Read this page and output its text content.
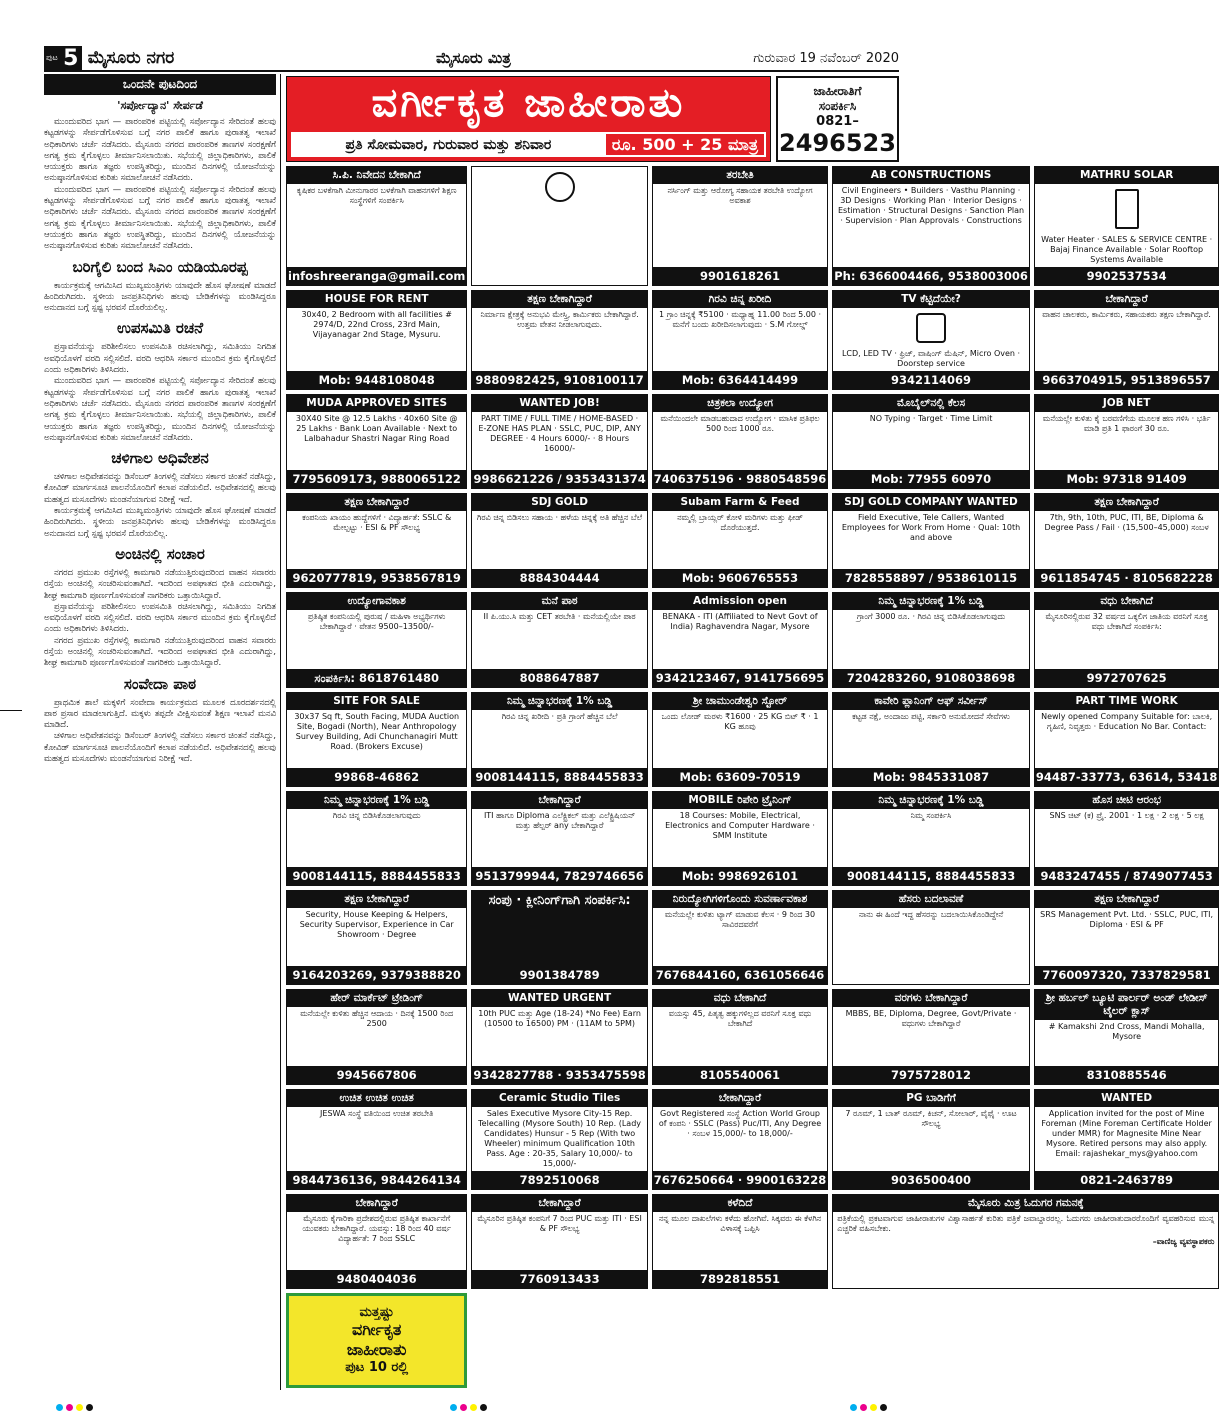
ಪುಟ 5 ಮೈಸೂರು ನಗರ	ಮೈಸೂರು ಮಿತ್ರ	ಗುರುವಾರ 19 ನವೆಂಬರ್ 2020
ಒಂದನೇ ಪುಟದಿಂದ
'ಸರ್ಪೋದ್ಯಾನ' ಸೇರ್ಪಡೆ

ಮುಂದುವರಿದ ಭಾಗ — ಪಾರಂಪರಿಕ ಪಟ್ಟಿಯಲ್ಲಿ ಸರ್ಪೋದ್ಯಾನ ಸೇರಿದಂತೆ ಹಲವು ಕಟ್ಟಡಗಳನ್ನು ಸೇರ್ಪಡೆಗೊಳಿಸುವ ಬಗ್ಗೆ ನಗರ ಪಾಲಿಕೆ ಹಾಗೂ ಪುರಾತತ್ವ ಇಲಾಖೆ ಅಧಿಕಾರಿಗಳು ಚರ್ಚೆ ನಡೆಸಿದರು. ಮೈಸೂರು ನಗರದ ಪಾರಂಪರಿಕ ತಾಣಗಳ ಸಂರಕ್ಷಣೆಗೆ ಅಗತ್ಯ ಕ್ರಮ ಕೈಗೊಳ್ಳಲು ತೀರ್ಮಾನಿಸಲಾಯಿತು. ಸಭೆಯಲ್ಲಿ ಜಿಲ್ಲಾಧಿಕಾರಿಗಳು, ಪಾಲಿಕೆ ಆಯುಕ್ತರು ಹಾಗೂ ತಜ್ಞರು ಉಪಸ್ಥಿತರಿದ್ದು, ಮುಂದಿನ ದಿನಗಳಲ್ಲಿ ಯೋಜನೆಯನ್ನು ಅನುಷ್ಠಾನಗೊಳಿಸುವ ಕುರಿತು ಸಮಾಲೋಚನೆ ನಡೆಸಿದರು.

ಮುಂದುವರಿದ ಭಾಗ — ಪಾರಂಪರಿಕ ಪಟ್ಟಿಯಲ್ಲಿ ಸರ್ಪೋದ್ಯಾನ ಸೇರಿದಂತೆ ಹಲವು ಕಟ್ಟಡಗಳನ್ನು ಸೇರ್ಪಡೆಗೊಳಿಸುವ ಬಗ್ಗೆ ನಗರ ಪಾಲಿಕೆ ಹಾಗೂ ಪುರಾತತ್ವ ಇಲಾಖೆ ಅಧಿಕಾರಿಗಳು ಚರ್ಚೆ ನಡೆಸಿದರು. ಮೈಸೂರು ನಗರದ ಪಾರಂಪರಿಕ ತಾಣಗಳ ಸಂರಕ್ಷಣೆಗೆ ಅಗತ್ಯ ಕ್ರಮ ಕೈಗೊಳ್ಳಲು ತೀರ್ಮಾನಿಸಲಾಯಿತು. ಸಭೆಯಲ್ಲಿ ಜಿಲ್ಲಾಧಿಕಾರಿಗಳು, ಪಾಲಿಕೆ ಆಯುಕ್ತರು ಹಾಗೂ ತಜ್ಞರು ಉಪಸ್ಥಿತರಿದ್ದು, ಮುಂದಿನ ದಿನಗಳಲ್ಲಿ ಯೋಜನೆಯನ್ನು ಅನುಷ್ಠಾನಗೊಳಿಸುವ ಕುರಿತು ಸಮಾಲೋಚನೆ ನಡೆಸಿದರು.

ಬರಿಗೈಲಿ ಬಂದ ಸಿಎಂ ಯಡಿಯೂರಪ್ಪ

ಕಾರ್ಯಕ್ರಮಕ್ಕೆ ಆಗಮಿಸಿದ ಮುಖ್ಯಮಂತ್ರಿಗಳು ಯಾವುದೇ ಹೊಸ ಘೋಷಣೆ ಮಾಡದೆ ಹಿಂದಿರುಗಿದರು. ಸ್ಥಳೀಯ ಜನಪ್ರತಿನಿಧಿಗಳು ಹಲವು ಬೇಡಿಕೆಗಳನ್ನು ಮಂಡಿಸಿದ್ದರೂ ಅನುದಾನದ ಬಗ್ಗೆ ಸ್ಪಷ್ಟ ಭರವಸೆ ದೊರೆಯಲಿಲ್ಲ.

ಉಪಸಮಿತಿ ರಚನೆ

ಪ್ರಸ್ತಾವನೆಯನ್ನು ಪರಿಶೀಲಿಸಲು ಉಪಸಮಿತಿ ರಚಿಸಲಾಗಿದ್ದು, ಸಮಿತಿಯು ನಿಗದಿತ ಅವಧಿಯೊಳಗೆ ವರದಿ ಸಲ್ಲಿಸಲಿದೆ. ವರದಿ ಆಧರಿಸಿ ಸರ್ಕಾರ ಮುಂದಿನ ಕ್ರಮ ಕೈಗೊಳ್ಳಲಿದೆ ಎಂದು ಅಧಿಕಾರಿಗಳು ತಿಳಿಸಿದರು.

ಮುಂದುವರಿದ ಭಾಗ — ಪಾರಂಪರಿಕ ಪಟ್ಟಿಯಲ್ಲಿ ಸರ್ಪೋದ್ಯಾನ ಸೇರಿದಂತೆ ಹಲವು ಕಟ್ಟಡಗಳನ್ನು ಸೇರ್ಪಡೆಗೊಳಿಸುವ ಬಗ್ಗೆ ನಗರ ಪಾಲಿಕೆ ಹಾಗೂ ಪುರಾತತ್ವ ಇಲಾಖೆ ಅಧಿಕಾರಿಗಳು ಚರ್ಚೆ ನಡೆಸಿದರು. ಮೈಸೂರು ನಗರದ ಪಾರಂಪರಿಕ ತಾಣಗಳ ಸಂರಕ್ಷಣೆಗೆ ಅಗತ್ಯ ಕ್ರಮ ಕೈಗೊಳ್ಳಲು ತೀರ್ಮಾನಿಸಲಾಯಿತು. ಸಭೆಯಲ್ಲಿ ಜಿಲ್ಲಾಧಿಕಾರಿಗಳು, ಪಾಲಿಕೆ ಆಯುಕ್ತರು ಹಾಗೂ ತಜ್ಞರು ಉಪಸ್ಥಿತರಿದ್ದು, ಮುಂದಿನ ದಿನಗಳಲ್ಲಿ ಯೋಜನೆಯನ್ನು ಅನುಷ್ಠಾನಗೊಳಿಸುವ ಕುರಿತು ಸಮಾಲೋಚನೆ ನಡೆಸಿದರು.

ಚಳಿಗಾಲ ಅಧಿವೇಶನ

ಚಳಿಗಾಲ ಅಧಿವೇಶನವನ್ನು ಡಿಸೆಂಬರ್ ತಿಂಗಳಲ್ಲಿ ನಡೆಸಲು ಸರ್ಕಾರ ಚಿಂತನೆ ನಡೆಸಿದ್ದು, ಕೋವಿಡ್ ಮಾರ್ಗಸೂಚಿ ಪಾಲನೆಯೊಂದಿಗೆ ಕಲಾಪ ನಡೆಯಲಿದೆ. ಅಧಿವೇಶನದಲ್ಲಿ ಹಲವು ಮಹತ್ವದ ಮಸೂದೆಗಳು ಮಂಡನೆಯಾಗುವ ನಿರೀಕ್ಷೆ ಇದೆ.

ಕಾರ್ಯಕ್ರಮಕ್ಕೆ ಆಗಮಿಸಿದ ಮುಖ್ಯಮಂತ್ರಿಗಳು ಯಾವುದೇ ಹೊಸ ಘೋಷಣೆ ಮಾಡದೆ ಹಿಂದಿರುಗಿದರು. ಸ್ಥಳೀಯ ಜನಪ್ರತಿನಿಧಿಗಳು ಹಲವು ಬೇಡಿಕೆಗಳನ್ನು ಮಂಡಿಸಿದ್ದರೂ ಅನುದಾನದ ಬಗ್ಗೆ ಸ್ಪಷ್ಟ ಭರವಸೆ ದೊರೆಯಲಿಲ್ಲ.

ಅಂಚಿನಲ್ಲಿ ಸಂಚಾರ

ನಗರದ ಪ್ರಮುಖ ರಸ್ತೆಗಳಲ್ಲಿ ಕಾಮಗಾರಿ ನಡೆಯುತ್ತಿರುವುದರಿಂದ ವಾಹನ ಸವಾರರು ರಸ್ತೆಯ ಅಂಚಿನಲ್ಲಿ ಸಂಚರಿಸುವಂತಾಗಿದೆ. ಇದರಿಂದ ಅಪಘಾತದ ಭೀತಿ ಎದುರಾಗಿದ್ದು, ಶೀಘ್ರ ಕಾಮಗಾರಿ ಪೂರ್ಣಗೊಳಿಸುವಂತೆ ನಾಗರಿಕರು ಒತ್ತಾಯಿಸಿದ್ದಾರೆ.

ಪ್ರಸ್ತಾವನೆಯನ್ನು ಪರಿಶೀಲಿಸಲು ಉಪಸಮಿತಿ ರಚಿಸಲಾಗಿದ್ದು, ಸಮಿತಿಯು ನಿಗದಿತ ಅವಧಿಯೊಳಗೆ ವರದಿ ಸಲ್ಲಿಸಲಿದೆ. ವರದಿ ಆಧರಿಸಿ ಸರ್ಕಾರ ಮುಂದಿನ ಕ್ರಮ ಕೈಗೊಳ್ಳಲಿದೆ ಎಂದು ಅಧಿಕಾರಿಗಳು ತಿಳಿಸಿದರು.

ನಗರದ ಪ್ರಮುಖ ರಸ್ತೆಗಳಲ್ಲಿ ಕಾಮಗಾರಿ ನಡೆಯುತ್ತಿರುವುದರಿಂದ ವಾಹನ ಸವಾರರು ರಸ್ತೆಯ ಅಂಚಿನಲ್ಲಿ ಸಂಚರಿಸುವಂತಾಗಿದೆ. ಇದರಿಂದ ಅಪಘಾತದ ಭೀತಿ ಎದುರಾಗಿದ್ದು, ಶೀಘ್ರ ಕಾಮಗಾರಿ ಪೂರ್ಣಗೊಳಿಸುವಂತೆ ನಾಗರಿಕರು ಒತ್ತಾಯಿಸಿದ್ದಾರೆ.

ಸಂವೇದಾ ಪಾಠ

ಪ್ರಾಥಮಿಕ ಶಾಲೆ ಮಕ್ಕಳಿಗೆ ಸಂವೇದಾ ಕಾರ್ಯಕ್ರಮದ ಮೂಲಕ ದೂರದರ್ಶನದಲ್ಲಿ ಪಾಠ ಪ್ರಸಾರ ಮಾಡಲಾಗುತ್ತಿದೆ. ಮಕ್ಕಳು ತಪ್ಪದೇ ವೀಕ್ಷಿಸುವಂತೆ ಶಿಕ್ಷಣ ಇಲಾಖೆ ಮನವಿ ಮಾಡಿದೆ.

ಚಳಿಗಾಲ ಅಧಿವೇಶನವನ್ನು ಡಿಸೆಂಬರ್ ತಿಂಗಳಲ್ಲಿ ನಡೆಸಲು ಸರ್ಕಾರ ಚಿಂತನೆ ನಡೆಸಿದ್ದು, ಕೋವಿಡ್ ಮಾರ್ಗಸೂಚಿ ಪಾಲನೆಯೊಂದಿಗೆ ಕಲಾಪ ನಡೆಯಲಿದೆ. ಅಧಿವೇಶನದಲ್ಲಿ ಹಲವು ಮಹತ್ವದ ಮಸೂದೆಗಳು ಮಂಡನೆಯಾಗುವ ನಿರೀಕ್ಷೆ ಇದೆ.

ವರ್ಗೀಕೃತ ಜಾಹೀರಾತು
ಪ್ರತಿ ಸೋಮವಾರ, ಗುರುವಾರ ಮತ್ತು ಶನಿವಾರ	ರೂ. 500 + 25 ಮಾತ್ರ
ಜಾಹೀರಾತಿಗೆ
ಸಂಪರ್ಕಿಸಿ
0821–
2496523
ಸಿ.ಪಿ. ನಿವೇದನ ಬೇಕಾಗಿದೆ
ಕೃಷಿಕರ ಬಳಕೆಗಾಗಿ ಮೀನುಗಾರರ ಬಳಕೆಗಾಗಿ ವಾಹನಗಳಿಗೆ ಶಿಕ್ಷಣ ಸಂಸ್ಥೆಗಳಿಗೆ ಸಂಪರ್ಕಿಸಿ
infoshreeranga@gmail.com
ತರಬೇತಿ
ನರ್ಸಿಂಗ್ ಮತ್ತು ಆರೋಗ್ಯ ಸಹಾಯಕ ತರಬೇತಿ ಉದ್ಯೋಗ ಅವಕಾಶ
9901618261
AB CONSTRUCTIONS
Civil Engineers • Builders · Vasthu Planning · 3D Designs · Working Plan · Interior Designs · Estimation · Structural Designs · Sanction Plan · Supervision · Plan Approvals · Constructions
Ph: 6366004466, 9538003006
MATHRU SOLAR
Water Heater · SALES & SERVICE CENTRE · Bajaj Finance Available · Solar Rooftop Systems Available
9902537534
HOUSE FOR RENT
30x40, 2 Bedroom with all facilities # 2974/D, 22nd Cross, 23rd Main, Vijayanagar 2nd Stage, Mysuru.
Mob: 9448108048
ತಕ್ಷಣ ಬೇಕಾಗಿದ್ದಾರೆ
ನಿರ್ಮಾಣ ಕ್ಷೇತ್ರಕ್ಕೆ ಅನುಭವಿ ಮೇಸ್ತ್ರಿ, ಕಾರ್ಮಿಕರು ಬೇಕಾಗಿದ್ದಾರೆ. ಉತ್ತಮ ವೇತನ ನೀಡಲಾಗುವುದು.
9880982425, 9108100117
ಗಿರವಿ ಚಿನ್ನ ಖರೀದಿ
1 ಗ್ರಾಂ ಚಿನ್ನಕ್ಕೆ ₹5100 · ಮಧ್ಯಾಹ್ನ 11.00 ರಿಂದ 5.00 · ಮನೆಗೆ ಬಂದು ಖರೀದಿಸಲಾಗುವುದು · S.M ಗೋಲ್ಡ್
Mob: 6364414499
TV ಕೆಟ್ಟಿದೆಯೇ?
LCD, LED TV · ಫ್ರಿಜ್, ವಾಷಿಂಗ್ ಮೆಷಿನ್, Micro Oven · Doorstep service
9342114069
ಬೇಕಾಗಿದ್ದಾರೆ
ವಾಹನ ಚಾಲಕರು, ಕಾರ್ಮಿಕರು, ಸಹಾಯಕರು ತಕ್ಷಣ ಬೇಕಾಗಿದ್ದಾರೆ.
9663704915, 9513896557
MUDA APPROVED SITES
30X40 Site @ 12.5 Lakhs · 40x60 Site @ 25 Lakhs · Bank Loan Available · Next to Lalbahadur Shastri Nagar Ring Road
7795609173, 9880065122
WANTED JOB!
PART TIME / FULL TIME / HOME-BASED · E-ZONE HAS PLAN · SSLC, PUC, DIP, ANY DEGREE · 4 Hours 6000/- · 8 Hours 16000/-
9986621226 / 9353431374
ಚಿತ್ರಕಲಾ ಉದ್ಯೋಗ
ಮನೆಯಿಂದಲೇ ಮಾಡಬಹುದಾದ ಉದ್ಯೋಗ · ಮಾಸಿಕ ಪ್ರತಿಫಲ 500 ರಿಂದ 1000 ರೂ.
7406375196 · 9880548596
ಮೊಬೈಲ್‌ನಲ್ಲಿ ಕೆಲಸ
NO Typing · Target · Time Limit
Mob: 77955 60970
JOB NET
ಮನೆಯಲ್ಲೇ ಕುಳಿತು ಕೈ ಬರವಣಿಗೆಯ ಮೂಲಕ ಹಣ ಗಳಿಸಿ · ಭರ್ತಿ ಮಾಡಿ ಪ್ರತಿ 1 ಫಾರಂಗೆ 30 ರೂ.
Mob: 97318 91409
ತಕ್ಷಣ ಬೇಕಾಗಿದ್ದಾರೆ
ಕಂಪನಿಯ ಖಾಯಂ ಹುದ್ದೆಗಳಿಗೆ · ವಿದ್ಯಾರ್ಹತೆ: SSLC & ಮೇಲ್ಪಟ್ಟು · ESI & PF ಸೌಲಭ್ಯ
9620777819, 9538567819
SDJ GOLD
ಗಿರವಿ ಚಿನ್ನ ಬಿಡಿಸಲು ಸಹಾಯ · ಹಳೆಯ ಚಿನ್ನಕ್ಕೆ ಅತಿ ಹೆಚ್ಚಿನ ಬೆಲೆ
8884304444
Subam Farm & Feed
ನಮ್ಮಲ್ಲಿ ಬ್ರಾಯ್ಲರ್ ಕೋಳಿ ಮರಿಗಳು ಮತ್ತು ಫೀಡ್ ದೊರೆಯುತ್ತದೆ.
Mob: 9606765553
SDJ GOLD COMPANY WANTED
Field Executive, Tele Callers, Wanted Employees for Work From Home · Qual: 10th and above
7828558897 / 9538610115
ತಕ್ಷಣ ಬೇಕಾಗಿದ್ದಾರೆ
7th, 9th, 10th, PUC, ITI, BE, Diploma & Degree Pass / Fail · (15,500–45,000) ಸಂಬಳ
9611854745 · 8105682228
ಉದ್ಯೋಗಾವಕಾಶ
ಪ್ರತಿಷ್ಠಿತ ಕಂಪನಿಯಲ್ಲಿ ಪುರುಷ / ಮಹಿಳಾ ಅಭ್ಯರ್ಥಿಗಳು ಬೇಕಾಗಿದ್ದಾರೆ · ವೇತನ 9500–13500/-
ಸಂಪರ್ಕಿಸಿ: 8618761480
ಮನೆ ಪಾಠ
II ಪಿ.ಯು.ಸಿ ಮತ್ತು CET ತರಬೇತಿ · ಮನೆಯಲ್ಲಿಯೇ ಪಾಠ
8088647887
Admission open
BENAKA - ITI (Affiliated to Nevt Govt of India) Raghavendra Nagar, Mysore
9342123467, 9141756695
ನಿಮ್ಮ ಚಿನ್ನಾಭರಣಕ್ಕೆ 1% ಬಡ್ಡಿ
ಗ್ರಾಂಗೆ 3000 ರೂ. · ಗಿರವಿ ಚಿನ್ನ ಬಿಡಿಸಿಕೊಡಲಾಗುವುದು
7204283260, 9108038698
ವಧು ಬೇಕಾಗಿದೆ
ಮೈಸೂರಿನಲ್ಲಿರುವ 32 ವರ್ಷದ ಒಕ್ಕಲಿಗ ಜಾತಿಯ ವರನಿಗೆ ಸೂಕ್ತ ವಧು ಬೇಕಾಗಿದೆ ಸಂಪರ್ಕಿಸಿ:
9972707625
SITE FOR SALE
30x37 Sq ft, South Facing, MUDA Auction Site, Bogadi (North), Near Anthropology Survey Building, Adi Chunchanagiri Mutt Road. (Brokers Excuse)
99868-46862
ನಿಮ್ಮ ಚಿನ್ನಾಭರಣಕ್ಕೆ 1% ಬಡ್ಡಿ
ಗಿರವಿ ಚಿನ್ನ ಖರೀದಿ · ಪ್ರತಿ ಗ್ರಾಂಗೆ ಹೆಚ್ಚಿನ ಬೆಲೆ
9008144115, 8884455833
ಶ್ರೀ ಚಾಮುಂಡೇಶ್ವರಿ ಸ್ಟೋರ್
ಒಂದು ಲೋಡ್ ಮರಳು ₹1600 · 25 KG ಬಿಟ್ ₹ · 1 KG ಹೂವು
Mob: 63609-70519
ಕಾವೇರಿ ಪ್ಲಾನಿಂಗ್ ಆಫ್ ಸರ್ವೀಸ್
ಕಟ್ಟಡ ನಕ್ಷೆ, ಅಂದಾಜು ಪಟ್ಟಿ, ಸರ್ಕಾರಿ ಅನುಮೋದನೆ ಸೇವೆಗಳು
Mob: 9845331087
PART TIME WORK
Newly opened Company Suitable for: ಬಾಲಕಿ, ಗೃಹಿಣಿ, ನಿವೃತ್ತರು · Education No Bar. Contact:
94487-33773, 63614, 53418
ನಿಮ್ಮ ಚಿನ್ನಾಭರಣಕ್ಕೆ 1% ಬಡ್ಡಿ
ಗಿರವಿ ಚಿನ್ನ ಬಿಡಿಸಿಕೊಡಲಾಗುವುದು
9008144115, 8884455833
ಬೇಕಾಗಿದ್ದಾರೆ
ITI ಹಾಗೂ Diploma ಎಲೆಕ್ಟ್ರಿಕಲ್ ಮತ್ತು ಎಲೆಕ್ಟ್ರಿಷಿಯನ್ ಮತ್ತು ಹೆಲ್ಪರ್ any ಬೇಕಾಗಿದ್ದಾರೆ
9513799944, 7829746656
MOBILE ರಿಪೇರಿ ಟ್ರೈನಿಂಗ್
18 Courses: Mobile, Electrical, Electronics and Computer Hardware · SMM Institute
Mob: 9986926101
ನಿಮ್ಮ ಚಿನ್ನಾಭರಣಕ್ಕೆ 1% ಬಡ್ಡಿ
ನಿಮ್ಮ ಸಂಪರ್ಕಿಸಿ
9008144115, 8884455833
ಹೊಸ ಚೀಟಿ ಆರಂಭ
SNS ಚಿಟ್ (ಕ) ಪ್ರೈ. 2001 · 1 ಲಕ್ಷ · 2 ಲಕ್ಷ · 5 ಲಕ್ಷ
9483247455 / 8749077453
ತಕ್ಷಣ ಬೇಕಾಗಿದ್ದಾರೆ
Security, House Keeping & Helpers, Security Supervisor, Experience in Car Showroom · Degree
9164203269, 9379388820
ಸಂಪು · ಕ್ಲೀನಿಂಗ್‌ಗಾಗಿ ಸಂಪರ್ಕಿಸಿ:
9901384789
ನಿರುದ್ಯೋಗಿಗಳಿಗೊಂದು ಸುವರ್ಣಾವಕಾಶ
ಮನೆಯಲ್ಲೇ ಕುಳಿತು ಟ್ಯಾಗ್ ಮಾಡುವ ಕೆಲಸ · 9 ರಿಂದ 30 ಸಾವಿರದವರೆಗೆ
7676844160, 6361056646
ಹೆಸರು ಬದಲಾವಣೆ
ನಾನು ಈ ಹಿಂದೆ ಇದ್ದ ಹೆಸರನ್ನು ಬದಲಾಯಿಸಿಕೊಂಡಿದ್ದೇನೆ
ತಕ್ಷಣ ಬೇಕಾಗಿದ್ದಾರೆ
SRS Management Pvt. Ltd. · SSLC, PUC, ITI, Diploma · ESI & PF
7760097320, 7337829581
ಹೇರ್ ಮಾರ್ಕೆಟ್ ಟ್ರೇಡಿಂಗ್
ಮನೆಯಲ್ಲೇ ಕುಳಿತು ಹೆಚ್ಚಿನ ಆದಾಯ · ದಿನಕ್ಕೆ 1500 ರಿಂದ 2500
9945667806
WANTED URGENT
10th PUC ಮತ್ತು Age (18-24) *No Fee) Earn (10500 to 16500) PM · (11AM to 5PM)
9342827788 · 9353475598
ವಧು ಬೇಕಾಗಿದೆ
ವಯಸ್ಸು 45, ಪಿತೃತ್ವ ಹಕ್ಕುಗಳಿಲ್ಲದ ವರನಿಗೆ ಸೂಕ್ತ ವಧು ಬೇಕಾಗಿದೆ
8105540061
ವರಗಳು ಬೇಕಾಗಿದ್ದಾರೆ
MBBS, BE, Diploma, Degree, Govt/Private · ವಧುಗಳು ಬೇಕಾಗಿದ್ದಾರೆ
7975728012
ಶ್ರೀ ಹರ್ಬಲ್ ಬ್ಯೂಟಿ ಪಾರ್ಲರ್ ಅಂಡ್ ಲೇಡೀಸ್ ಟೈಲರ್ ಕ್ಲಾಸ್
# Kamakshi 2nd Cross, Mandi Mohalla, Mysore
8310885546
ಉಚಿತ ಉಚಿತ ಉಚಿತ
JESWA ಸಂಸ್ಥೆ ವತಿಯಿಂದ ಉಚಿತ ತರಬೇತಿ
9844736136, 9844264134
Ceramic Studio Tiles
Sales Executive Mysore City-15 Rep. Telecalling (Mysore South) 10 Rep. (Lady Candidates) Hunsur - 5 Rep (With two Wheeler) minimum Qualification 10th Pass. Age : 20-35, Salary 10,000/- to 15,000/-
7892510068
ಬೇಕಾಗಿದ್ದಾರೆ
Govt Registered ಸಂಸ್ಥೆ Action World Group of ಕಂಪನಿ · SSLC (Pass) Puc/ITI, Any Degree · ಸಂಬಳ 15,000/- to 18,000/-
7676250664 · 9900163228
PG ಬಾಡಿಗೆಗೆ
7 ರೂಮ್, 1 ಬಾತ್ ರೂಮ್, ಕಿಚನ್, ಸೋಲಾರ್, ವೈಫೈ · ಊಟ ಸೌಲಭ್ಯ
9036500400
WANTED
Application invited for the post of Mine Foreman (Mine Foreman Certificate Holder under MMR) for Magnesite Mine Near Mysore. Retired persons may also apply. Email: rajashekar_mys@yahoo.com
0821-2463789
ಬೇಕಾಗಿದ್ದಾರೆ
ಮೈಸೂರು ಕೈಗಾರಿಕಾ ಪ್ರದೇಶದಲ್ಲಿರುವ ಪ್ರತಿಷ್ಠಿತ ಕಾರ್ಖಾನೆಗೆ ಯುವಕರು ಬೇಕಾಗಿದ್ದಾರೆ. ಯವಸ್ಸು: 18 ರಿಂದ 40 ವರ್ಷ ವಿದ್ಯಾರ್ಹತೆ: 7 ರಿಂದ SSLC
9480404036
ಬೇಕಾಗಿದ್ದಾರೆ
ಮೈಸೂರಿನ ಪ್ರತಿಷ್ಠಿತ ಕಂಪನಿಗೆ 7 ರಿಂದ PUC ಮತ್ತು ITI · ESI & PF ಸೌಲಭ್ಯ
7760913433
ಕಳೆದಿದೆ
ನನ್ನ ಮೂಲ ದಾಖಲೆಗಳು ಕಳೆದು ಹೋಗಿವೆ. ಸಿಕ್ಕವರು ಈ ಕೆಳಗಿನ ವಿಳಾಸಕ್ಕೆ ಒಪ್ಪಿಸಿ
7892818551
ಮೈಸೂರು ಮಿತ್ರ ಓದುಗರ ಗಮನಕ್ಕೆ
ಪತ್ರಿಕೆಯಲ್ಲಿ ಪ್ರಕಟವಾಗುವ ಜಾಹೀರಾತುಗಳ ವಿಶ್ವಾಸಾರ್ಹತೆ ಕುರಿತು ಪತ್ರಿಕೆ ಜವಾಬ್ದಾರರಲ್ಲ. ಓದುಗರು ಜಾಹೀರಾತುದಾರರೊಂದಿಗೆ ವ್ಯವಹರಿಸುವ ಮುನ್ನ ಎಚ್ಚರಿಕೆ ವಹಿಸಬೇಕು.
–ವಾಣಿಜ್ಯ ವ್ಯವಸ್ಥಾಪಕರು
ಮತ್ತಷ್ಟು
ವರ್ಗೀಕೃತ
ಜಾಹೀರಾತು
ಪುಟ 10 ರಲ್ಲಿ
